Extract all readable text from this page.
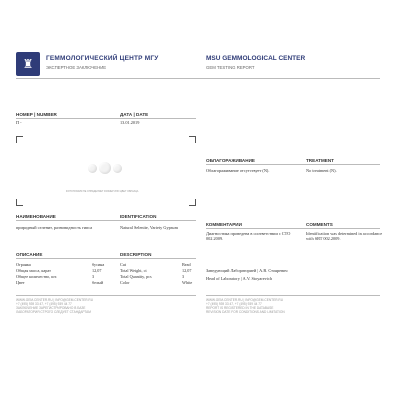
♜ ГЕММОЛОГИЧЕСКИЙ ЦЕНТР МГУ
ЭКСПЕРТНОЕ ЗАКЛЮЧЕНИЕ
MSU GEMMOLOGICAL CENTER
GEM TESTING REPORT
НОМЕР | NUMBER
П -
ДАТА | DATE
13.01.2019
ФОТОГРАФИЯ НЕ ОПРЕДЕЛЯЕТ РАЗМЕР ИЛИ ЦВЕТ ОБРАЗЦА
ОБЛАГОРАЖИВАНИЕ	TREATMENT
Облагораживание отсутствует (N).	No treatment (N).
НАИМЕНОВАНИЕ	IDENTIFICATION
природный селенит, разновидность гипса	Natural Selenite, Variety Gypsum
КОММЕНТАРИИ	COMMENTS
Диагностика проведена в соответствии с СТО 002.2009.
Identification was determined in accordance with SRT 002.2009.
ОПИСАНИЕ	DESCRIPTION
Огранка	бусина	Cut	Bead
Общая масса, карат	12,07	Total Weight, ct	12,07
Общее количество, шт.	3	Total Quantity, pcs	3
Цвет	белый	Color	White
Заведующий Лабораторией | А.В. Стояревич
Head of Laboratory | A.V. Stoyarevich
WWW.GEM-CENTER.RU | INFO@GEM-CENTER.RU
+7 (495) 939 33 47, +7 (495) 939 44 77
ЗАКЛЮЧЕНИЕ ЗАРЕГИСТРИРОВАНО В БАЗЕ
ЛАБОРАТОРИЯ СТРОГО СЛЕДУЕТ СТАНДАРТАМ
WWW.GEM-CENTER.RU | INFO@GEM-CENTER.RU
+7 (495) 939 33 47, +7 (495) 939 44 77
REPORT IS REGISTERED IN THE DATABASE
REVISION DATE FOR CONDITIONS AND LIMITATION
